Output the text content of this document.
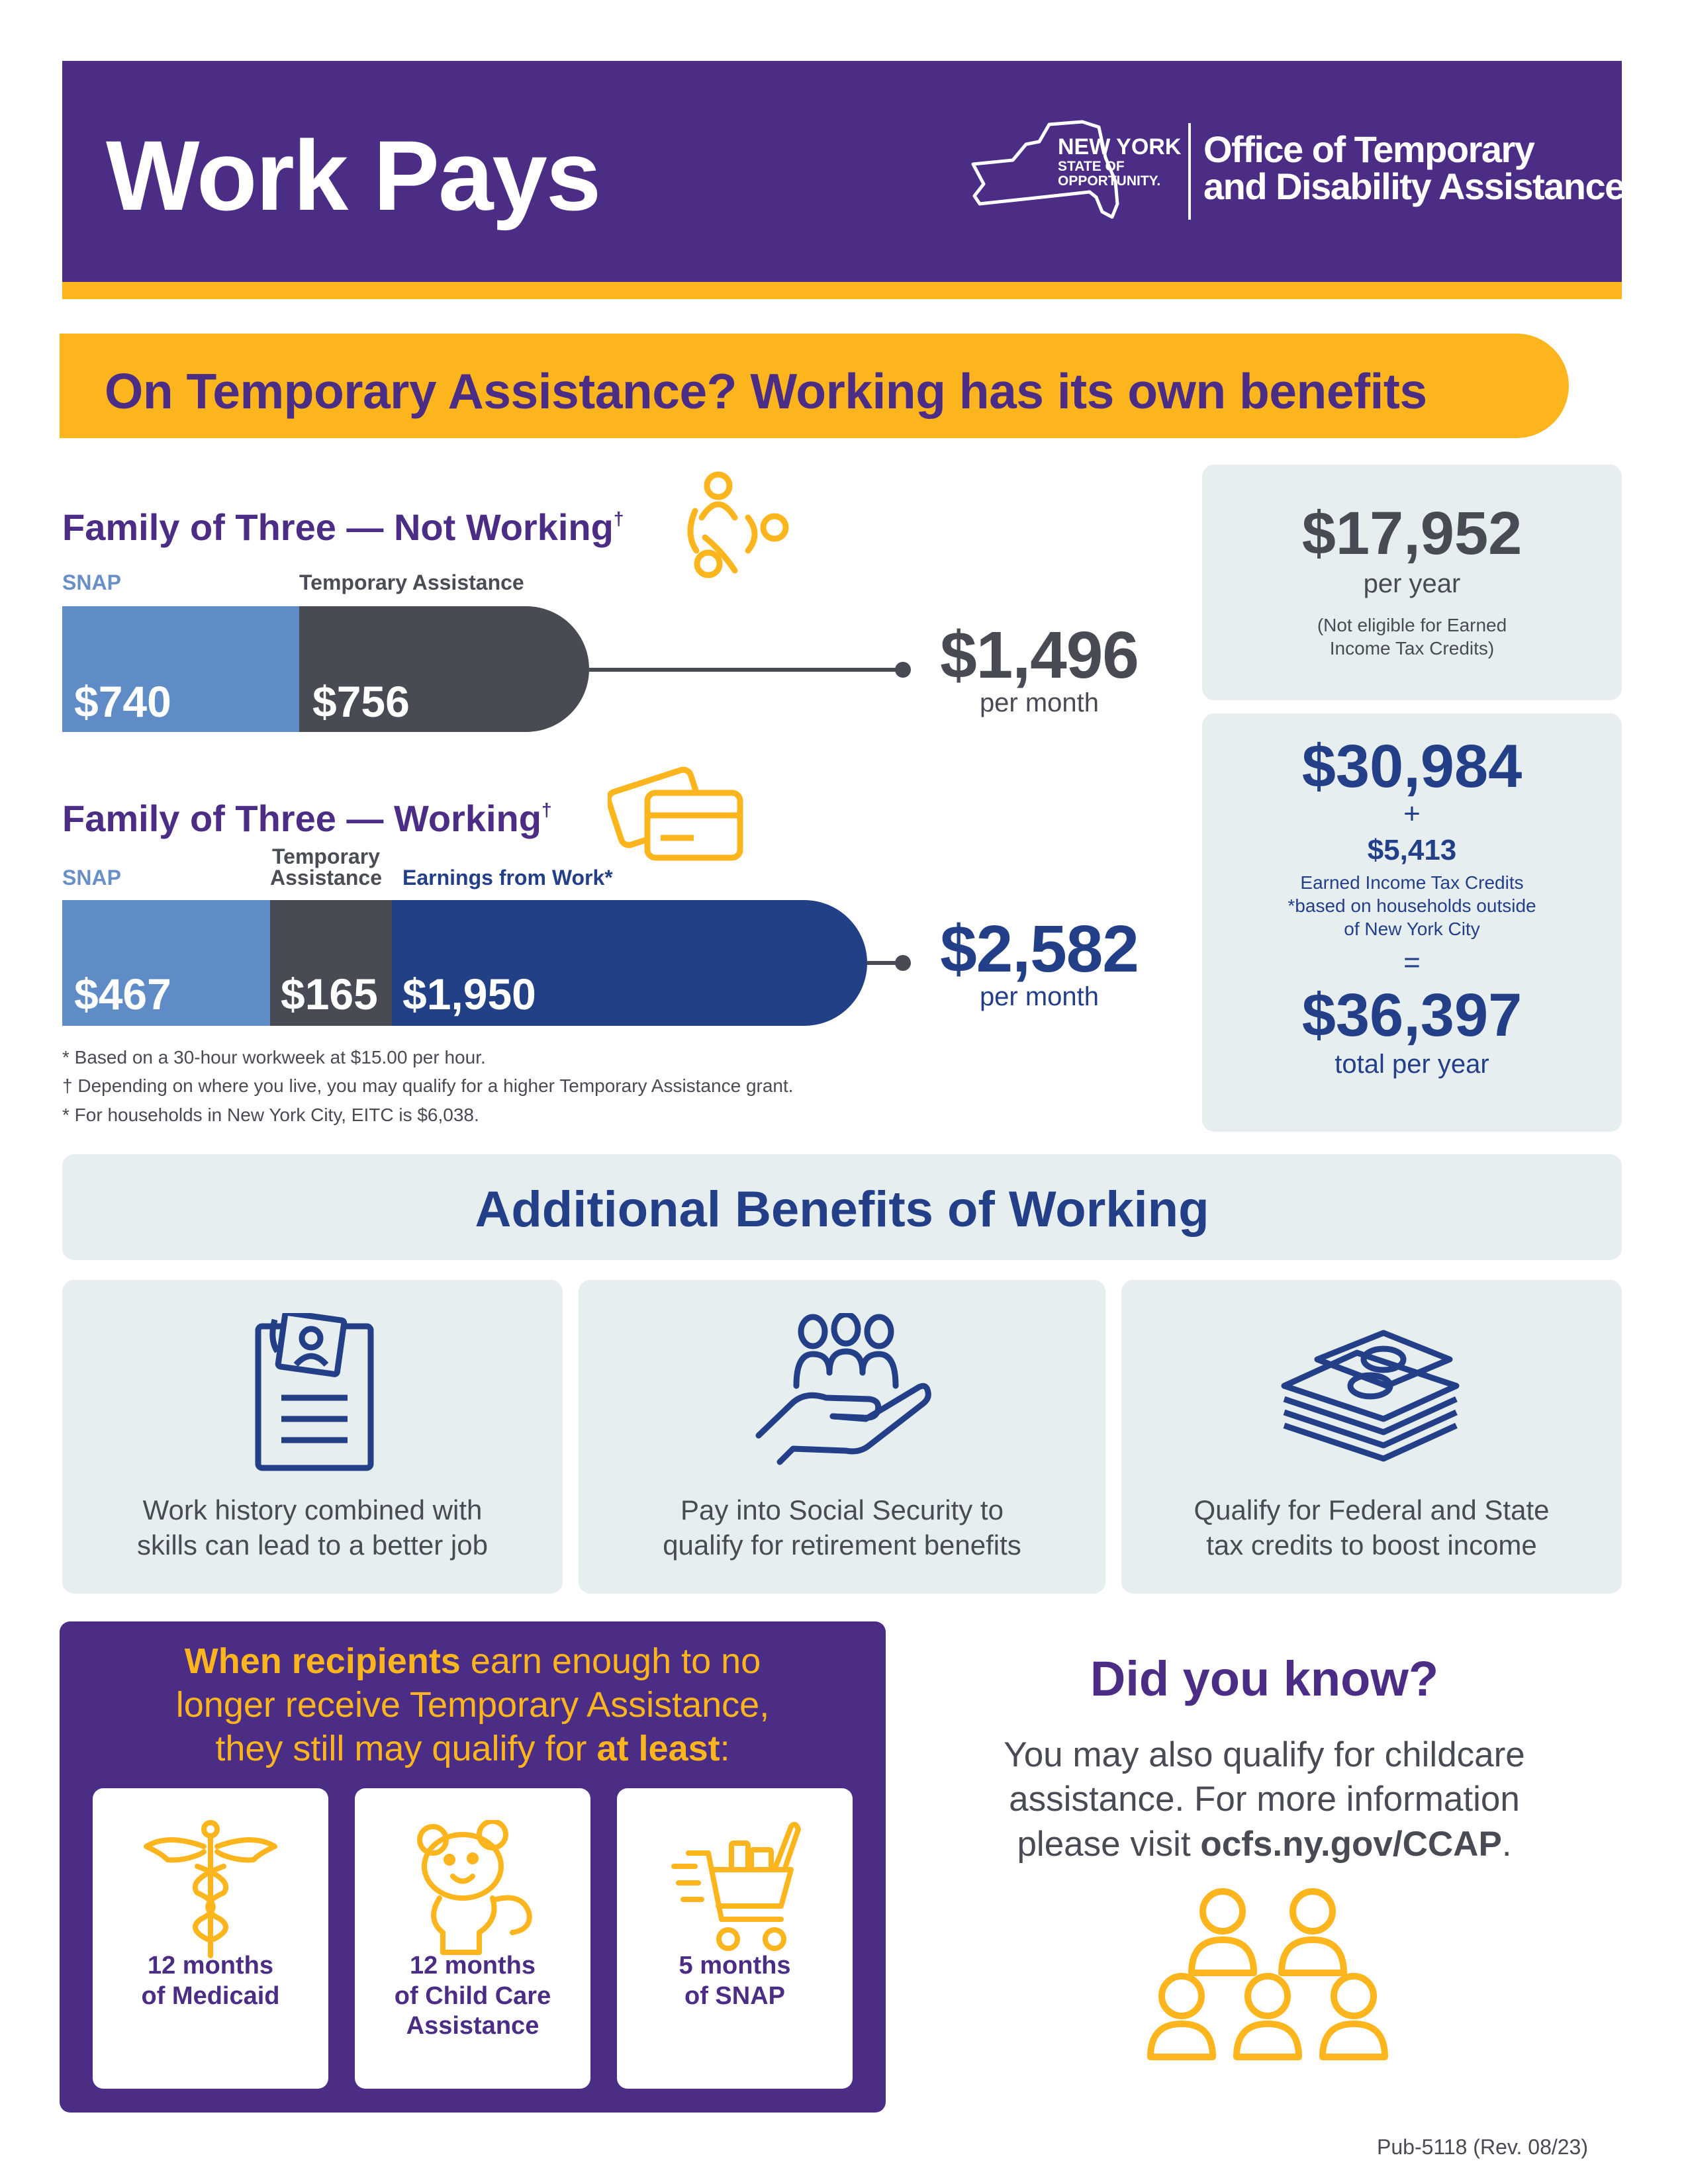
Work Pays	NEW YORK
STATE OF OPPORTUNITY.
Office of Temporary
and Disability Assistance
On Temporary Assistance? Working has its own benefits
Family of Three — Not Working†
SNAP	Temporary Assistance
$740	$756
$1,496
per month
Family of Three — Working†
SNAP
Temporary
Assistance Earnings from Work*
$467	$165 $1,950
$2,582
per month
* Based on a 30-hour workweek at $15.00 per hour.
† Depending on where you live, you may qualify for a higher Temporary Assistance grant.
* For households in New York City, EITC is $6,038.
$17,952
per year
(Not eligible for Earned
Income Tax Credits)
$30,984
+
$5,413
Earned Income Tax Credits
*based on households outside
of New York City
=
$36,397
total per year
Additional Benefits of Working
Work history combined with
skills can lead to a better job
Pay into Social Security to
qualify for retirement benefits
Qualify for Federal and State
tax credits to boost income
When recipients earn enough to no
longer receive Temporary Assistance,
they still may qualify for at least:
12 months
of Medicaid
12 months
of Child Care
Assistance
5 months
of SNAP
Did you know?
You may also qualify for childcare
assistance. For more information
please visit ocfs.ny.gov/CCAP.
Pub-5118 (Rev. 08/23)
